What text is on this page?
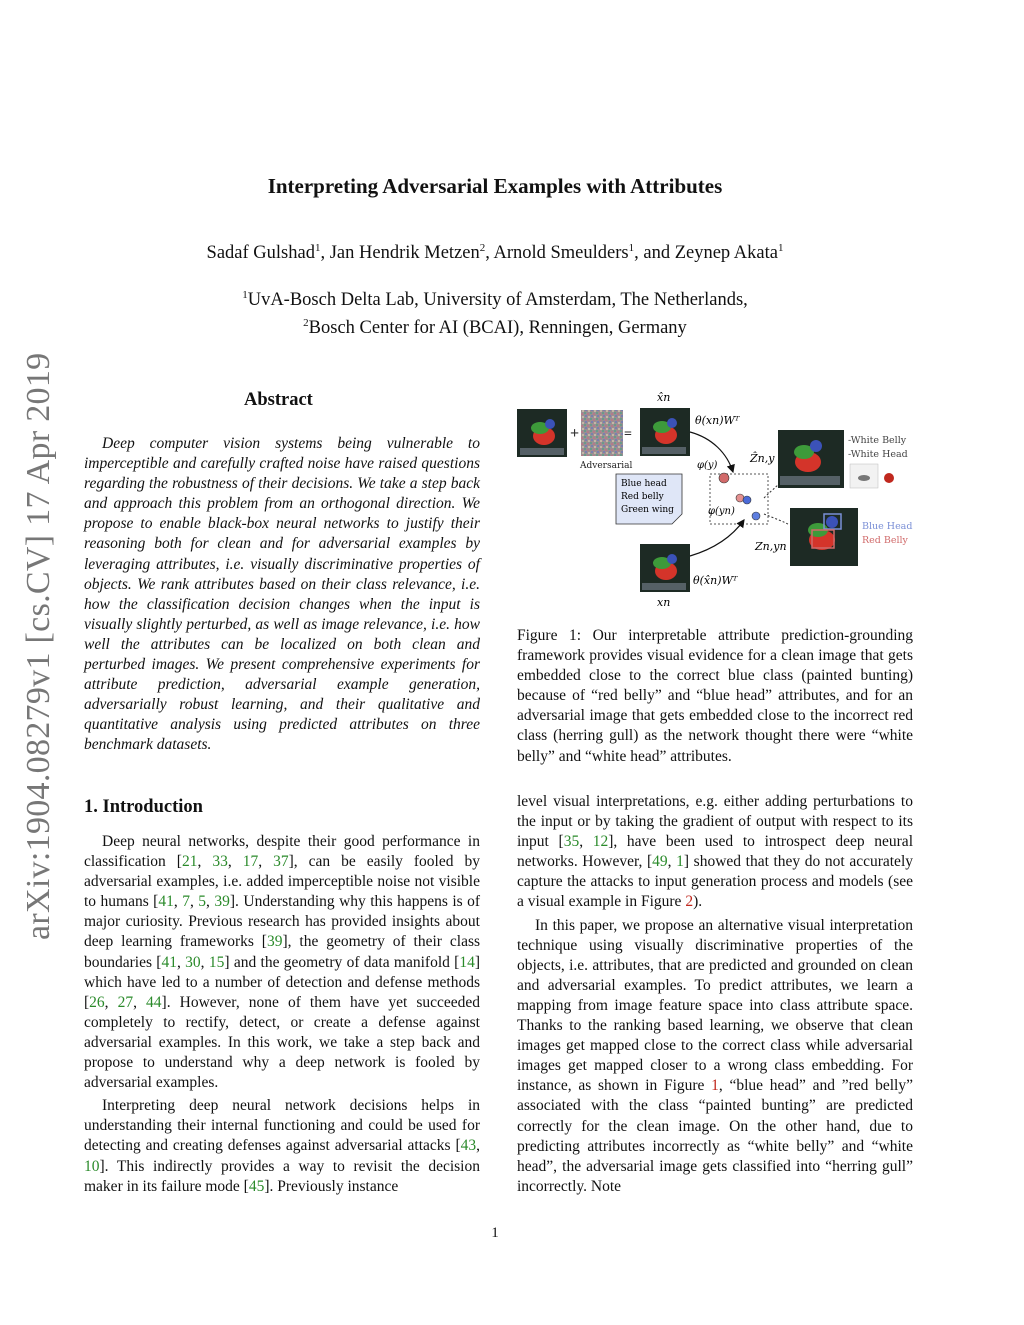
Interpreting Adversarial Examples with Attributes
Sadaf Gulshad$^1$, Jan Hendrik Metzen$^2$, Arnold Smeulders$^1$, and Zeynep Akata$^1$
$^1$UvA-Bosch Delta Lab, University of Amsterdam, The Netherlands,
$^2$Bosch Center for AI (BCAI), Renningen, Germany
arXiv:1904.08279v1 [cs.CV] 17 Apr 2019	Abstract

Deep computer vision systems being vulnerable to imperceptible and carefully crafted noise have raised questions regarding the robustness of their decisions. We take a step back and approach this problem from an orthogonal direction. We propose to enable black-box neural networks to justify their reasoning both for clean and for adversarial examples by leveraging attributes, i.e. visually discriminative properties of objects. We rank attributes based on their class relevance, i.e. how the classification decision changes when the input is visually slightly perturbed, as well as image relevance, i.e. how well the attributes can be localized on both clean and perturbed images. We present comprehensive experiments for attribute prediction, adversarial example generation, adversarially robust learning, and their qualitative and quantitative analysis using predicted attributes on three benchmark datasets.

+	=
Adversarial
x̂n
θ(xn)Wᵀ
φ(y)
Ẑn,y
Blue head
Red belly
Green wing	φ(yn)
Zn,yn
-White Belly
-White Head
Blue Head
Red Belly
θ(x̂n)Wᵀ
xn

Figure 1: Our interpretable attribute prediction-grounding framework provides visual evidence for a clean image that gets embedded close to the correct blue class (painted bunting) because of “red belly” and “blue head” attributes, and for an adversarial image that gets embedded close to the incorrect red class (herring gull) as the network thought there were “white belly” and “white head” attributes.

1. Introduction

Deep neural networks, despite their good performance in classification [21, 33, 17, 37], can be easily fooled by adversarial examples, i.e. added imperceptible noise not visible to humans [41, 7, 5, 39]. Understanding why this happens is of major curiosity. Previous research has provided insights about deep learning frameworks [39], the geometry of their class boundaries [41, 30, 15] and the geometry of data manifold [14] which have led to a number of detection and defense methods [26, 27, 44]. However, none of them have yet succeeded completely to rectify, detect, or create a defense against adversarial examples. In this work, we take a step back and propose to understand why a deep network is fooled by adversarial examples.

Interpreting deep neural network decisions helps in understanding their internal functioning and could be used for detecting and creating defenses against adversarial attacks [43, 10]. This indirectly provides a way to revisit the decision maker in its failure mode [45]. Previously instance

level visual interpretations, e.g. either adding perturbations to the input or by taking the gradient of output with respect to its input [35, 12], have been used to introspect deep neural networks. However, [49, 1] showed that they do not accurately capture the attacks to input generation process and models (see a visual example in Figure 2).

In this paper, we propose an alternative visual interpretation technique using visually discriminative properties of the objects, i.e. attributes, that are predicted and grounded on clean and adversarial examples. To predict attributes, we learn a mapping from image feature space into class attribute space. Thanks to the ranking based learning, we observe that clean images get mapped close to the correct class while adversarial images get mapped closer to a wrong class embedding. For instance, as shown in Figure 1, “blue head” and ”red belly” associated with the class “painted bunting” are predicted correctly for the clean image. On the other hand, due to predicting attributes incorrectly as “white belly” and “white head”, the adversarial image gets classified into “herring gull” incorrectly. Note

1
